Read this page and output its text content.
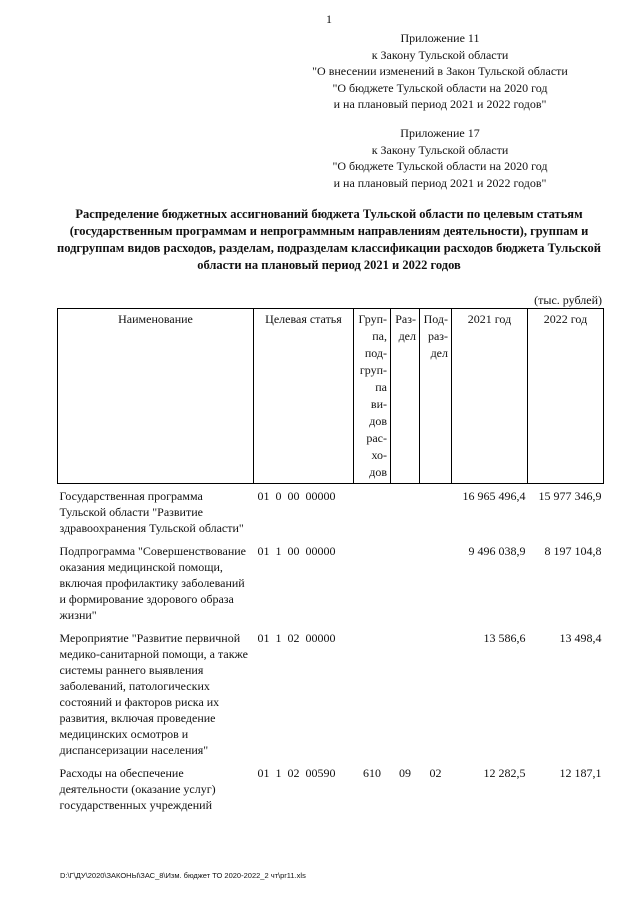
1
Приложение 11
к Закону Тульской области
"О внесении изменений в Закон Тульской области
"О бюджете Тульской области на 2020 год
и на плановый период 2021 и 2022 годов"
Приложение 17
к Закону Тульской области
"О бюджете Тульской области на 2020 год
и на плановый период 2021 и 2022 годов"
Распределение бюджетных ассигнований бюджета Тульской области по целевым статьям (государственным программам и непрограммным направлениям деятельности), группам и подгруппам видов расходов, разделам, подразделам классификации расходов бюджета Тульской области на плановый период 2021 и 2022 годов
(тыс. рублей)
Наименование	Целевая статья	Груп-па, под-груп-па ви-дов рас-хо-дов	Раз-дел	Под-раз-дел	2021 год	2022 год

Государственная программа Тульской области "Развитие здравоохранения Тульской области"	01 0 00 00000				16 965 496,4	15 977 346,9
Подпрограмма "Совершенствование оказания медицинской помощи, включая профилактику заболеваний и формирование здорового образа жизни"	01 1 00 00000				9 496 038,9	8 197 104,8
Мероприятие "Развитие первичной медико-санитарной помощи, а также системы раннего выявления заболеваний, патологических состояний и факторов риска их развития, включая проведение медицинских осмотров и диспансеризации населения"	01 1 02 00000				13 586,6	13 498,4
Расходы на обеспечение деятельности (оказание услуг) государственных учреждений	01 1 02 00590	610	09	02	12 282,5	12 187,1
D:\Г\ДУ\2020\ЗАКОНЫ\ЗАС_8\Изм. бюджет ТО 2020-2022_2 чт\pr11.xls
